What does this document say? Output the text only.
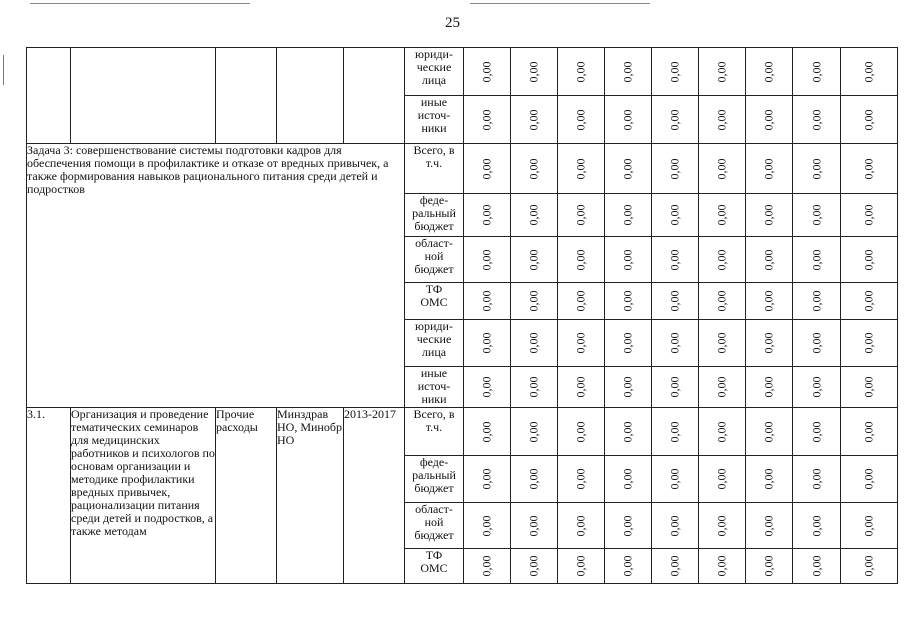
25
					юриди-
ческие
лица	0,00	0,00	0,00	0,00	0,00	0,00	0,00	0,00	0,00

					иные
источ-
ники	0,00	0,00	0,00	0,00	0,00	0,00	0,00	0,00	0,00

Задача 3: совершенствование системы подготовки кадров для обеспечения помощи в профилактике и отказе от вредных привычек, а также формирования навыков рационального питания среди детей и подростков					Всего, в
т.ч.	0,00	0,00	0,00	0,00	0,00	0,00	0,00	0,00	0,00

					феде-
ральный
бюджет	0,00	0,00	0,00	0,00	0,00	0,00	0,00	0,00	0,00

					област-
ной
бюджет	0,00	0,00	0,00	0,00	0,00	0,00	0,00	0,00	0,00

					ТФ
ОМС	0,00	0,00	0,00	0,00	0,00	0,00	0,00	0,00	0,00

					юриди-
ческие
лица	0,00	0,00	0,00	0,00	0,00	0,00	0,00	0,00	0,00

					иные
источ-
ники	0,00	0,00	0,00	0,00	0,00	0,00	0,00	0,00	0,00

3.1.	Организация и проведение тематических семинаров для медицинских работников и психологов по основам организации и методике профилактики вредных привычек, рационализации питания среди детей и подростков, а также методам	Прочие расходы	Минздрав НО, Минобр НО	2013-2017	Всего, в
т.ч.	0,00	0,00	0,00	0,00	0,00	0,00	0,00	0,00	0,00

					феде-
ральный
бюджет	0,00	0,00	0,00	0,00	0,00	0,00	0,00	0,00	0,00

					област-
ной
бюджет	0,00	0,00	0,00	0,00	0,00	0,00	0,00	0,00	0,00

					ТФ
ОМС	0,00	0,00	0,00	0,00	0,00	0,00	0,00	0,00	0,00
